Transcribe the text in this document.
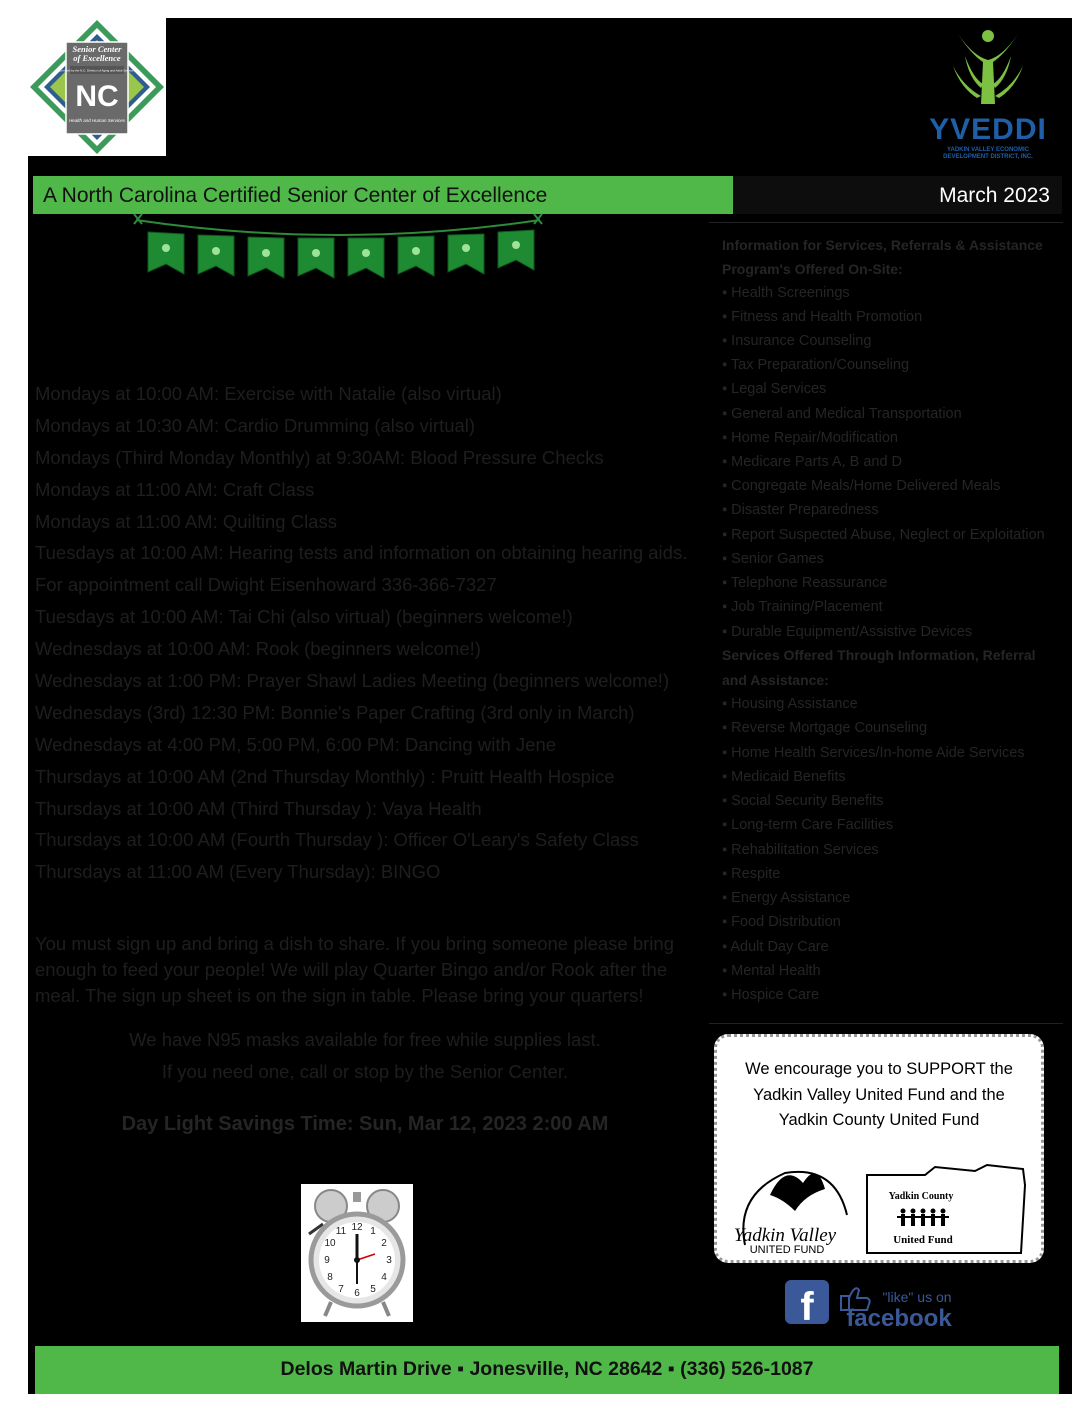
Senior Center
of Excellence
Certified by the N.C. Division of Aging and Adult Services
NC
Health and Human Services	YVEDDI
YADKIN VALLEY ECONOMIC DEVELOPMENT DISTRICT, INC.
A North Carolina Certified Senior Center of Excellence	March 2023
Mondays at 10:00 AM: Exercise with Natalie (also virtual)
Mondays at 10:30 AM: Cardio Drumming (also virtual)
Mondays (Third Monday Monthly) at 9:30AM: Blood Pressure Checks
Mondays at 11:00 AM: Craft Class
Mondays at 11:00 AM: Quilting Class
Tuesdays at 10:00 AM: Hearing tests and information on obtaining hearing aids.
For appointment call Dwight Eisenhoward 336-366-7327
Tuesdays at 10:00 AM: Tai Chi (also virtual) (beginners welcome!)
Wednesdays at 10:00 AM: Rook (beginners welcome!)
Wednesdays at 1:00 PM: Prayer Shawl Ladies Meeting (beginners welcome!)
Wednesdays (3rd) 12:30 PM: Bonnie's Paper Crafting (3rd only in March)
Wednesdays at 4:00 PM, 5:00 PM, 6:00 PM: Dancing with Jene
Thursdays at 10:00 AM (2nd Thursday Monthly) : Pruitt Health Hospice
Thursdays at 10:00 AM (Third Thursday ): Vaya Health
Thursdays at 10:00 AM (Fourth Thursday ): Officer O'Leary's Safety Class
Thursdays at 11:00 AM (Every Thursday): BINGO
You must sign up and bring a dish to share. If you bring someone please bring enough to feed your people! We will play Quarter Bingo and/or Rook after the meal. The sign up sheet is on the sign in table. Please bring your quarters!
We have N95 masks available for free while supplies last.
If you need one, call or stop by the Senior Center.
Day Light Savings Time: Sun, Mar 12, 2023 2:00 AM
12 1
2
3
4
5
6
7
8
9
10
11
Information for Services, Referrals & Assistance
Program's Offered On-Site:
▪ Health Screenings
▪ Fitness and Health Promotion
▪ Insurance Counseling
▪ Tax Preparation/Counseling
▪ Legal Services
▪ General and Medical Transportation
▪ Home Repair/Modification
▪ Medicare Parts A, B and D
▪ Congregate Meals/Home Delivered Meals
▪ Disaster Preparedness
▪ Report Suspected Abuse, Neglect or Exploitation
▪ Senior Games
▪ Telephone Reassurance
▪ Job Training/Placement
▪ Durable Equipment/Assistive Devices
Services Offered Through Information, Referral
and Assistance:
▪ Housing Assistance
▪ Reverse Mortgage Counseling
▪ Home Health Services/In-home Aide Services
▪ Medicaid Benefits
▪ Social Security Benefits
▪ Long-term Care Facilities
▪ Rehabilitation Services
▪ Respite
▪ Energy Assistance
▪ Food Distribution
▪ Adult Day Care
▪ Mental Health
▪ Hospice Care
We encourage you to SUPPORT the
Yadkin Valley United Fund and the
Yadkin County United Fund
Yadkin Valley
UNITED FUND
Yadkin County
United Fund
f	"like" us on
facebook
Delos Martin Drive ▪ Jonesville, NC 28642 ▪ (336) 526-1087
